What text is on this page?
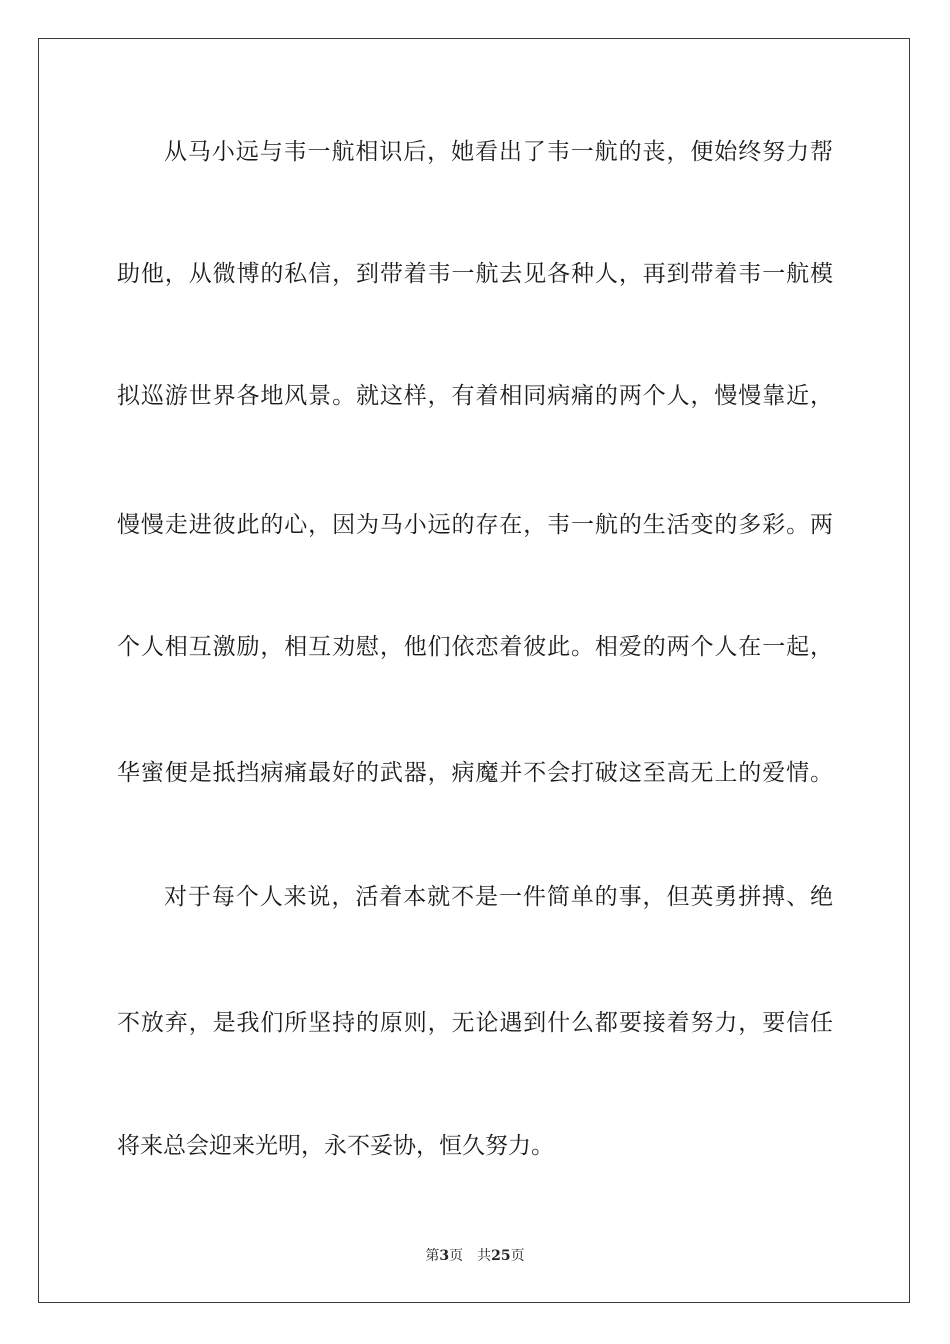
从马小远与韦一航相识后，她看出了韦一航的丧，便始终努力帮
助他，从微博的私信，到带着韦一航去见各种人，再到带着韦一航模
拟巡游世界各地风景。就这样，有着相同病痛的两个人，慢慢靠近，
慢慢走进彼此的心，因为马小远的存在，韦一航的生活变的多彩。两
个人相互激励，相互劝慰，他们依恋着彼此。相爱的两个人在一起，
华蜜便是抵挡病痛最好的武器，病魔并不会打破这至高无上的爱情。
对于每个人来说，活着本就不是一件简单的事，但英勇拼搏、绝
不放弃，是我们所坚持的原则，无论遇到什么都要接着努力，要信任
将来总会迎来光明，永不妥协，恒久努力。
第3页 共25页
